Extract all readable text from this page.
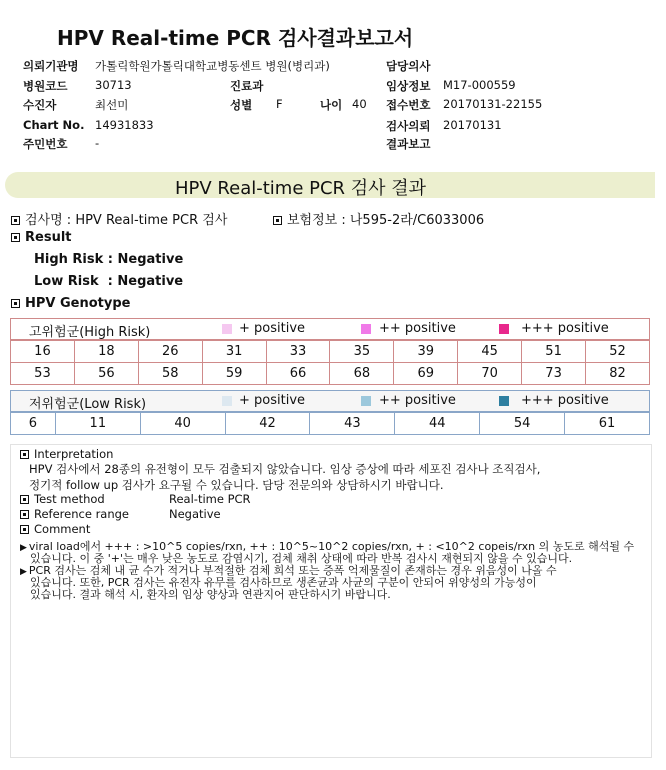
HPV Real-time PCR 검사결과보고서
의뢰기관명 가톨릭학원가톨릭대학교병동센트 병원(병리과)	담당의사
병원코드 30713	진료과	임상정보 M17-000559
수진자	최선미	성별 F	나이 40 접수번호 20170131-22155
Chart No. 14931833	검사의뢰 20170131
주민번호 -	결과보고
HPV Real-time PCR 검사 결과
검사명 : HPV Real-time PCR 검사	보험정보 : 나595-2라/C6033006
Result
High Risk : Negative
Low Risk  : Negative
HPV Genotype
고위험군(High Risk)	+ positive	++ positive	+++ positive
16	18	26	31	33	35	39	45	51	52
53	56	58	59	66	68	69	70	73	82
저위험군(Low Risk)	+ positive	++ positive	+++ positive
6	11	40	42	43	44	54	61
Interpretation
HPV 검사에서 28종의 유전형이 모두 검출되지 않았습니다. 임상 증상에 따라 세포진 검사나 조직검사,
정기적 follow up 검사가 요구될 수 있습니다. 담당 전문의와 상담하시기 바랍니다.
Test method	Real-time PCR
Reference range	Negative
Comment
▶ viral load에서 +++ : >10^5 copies/rxn, ++ : 10^5~10^2 copies/rxn, + : <10^2 copeis/rxn 의 농도로 해석될 수
있습니다. 이 중 '+'는 매우 낮은 농도로 감염시기, 검체 채취 상태에 따라 반복 검사시 재현되지 않을 수 있습니다.
▶ PCR 검사는 검체 내 균 수가 적거나 부적절한 검체 희석 또는 증폭 억제물질이 존재하는 경우 위음성이 나올 수
있습니다. 또한, PCR 검사는 유전자 유무를 검사하므로 생존균과 사균의 구분이 안되어 위양성의 가능성이
있습니다. 결과 해석 시, 환자의 임상 양상과 연관지어 판단하시기 바랍니다.
